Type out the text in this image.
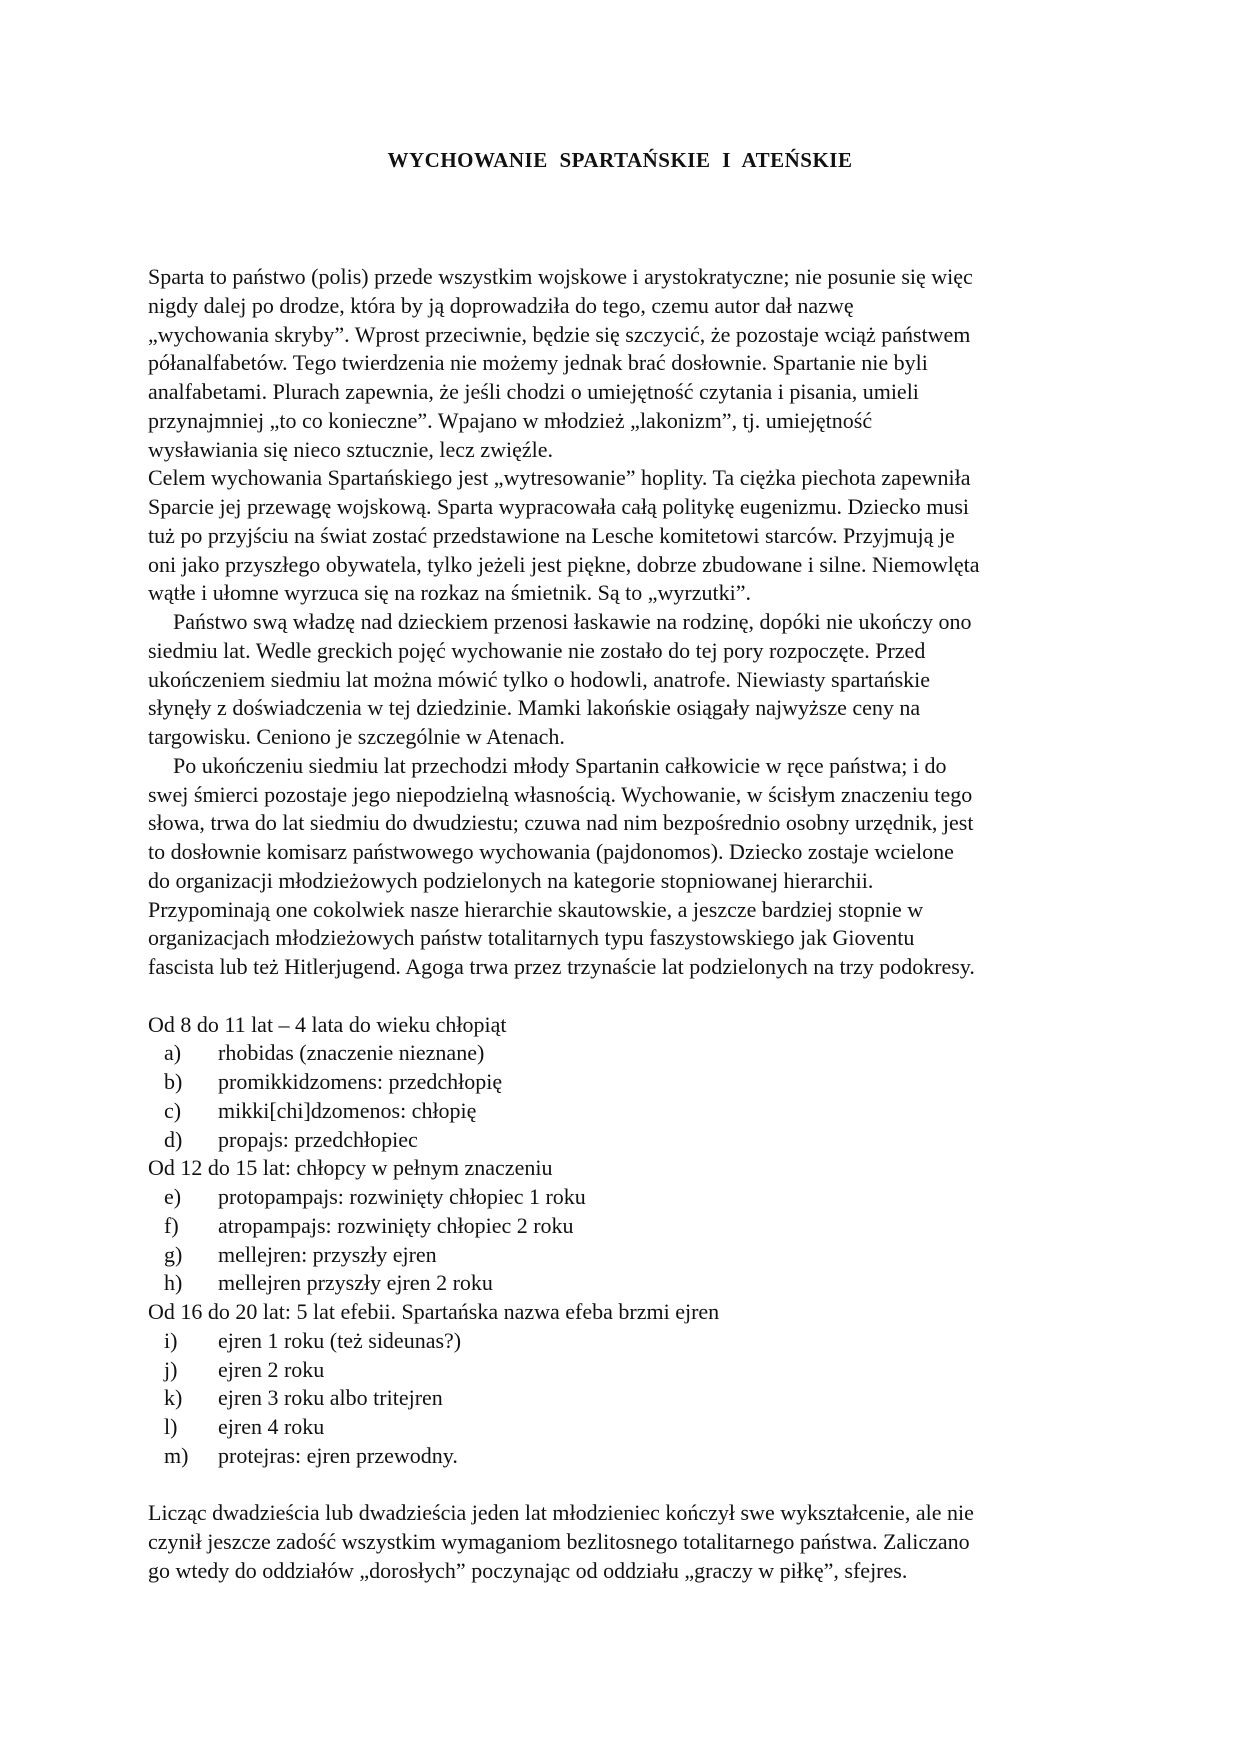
WYCHOWANIE SPARTAŃSKIE I ATEŃSKIE
Sparta to państwo (polis) przede wszystkim wojskowe i arystokratyczne; nie posunie się więc
nigdy dalej po drodze, która by ją doprowadziła do tego, czemu autor dał nazwę
„wychowania skryby”. Wprost przeciwnie, będzie się szczycić, że pozostaje wciąż państwem
półanalfabetów. Tego twierdzenia nie możemy jednak brać dosłownie. Spartanie nie byli
analfabetami. Plurach zapewnia, że jeśli chodzi o umiejętność czytania i pisania, umieli
przynajmniej „to co konieczne”. Wpajano w młodzież „lakonizm”, tj. umiejętność
wysławiania się nieco sztucznie, lecz zwięźle.
Celem wychowania Spartańskiego jest „wytresowanie” hoplity. Ta ciężka piechota zapewniła
Sparcie jej przewagę wojskową. Sparta wypracowała całą politykę eugenizmu. Dziecko musi
tuż po przyjściu na świat zostać przedstawione na Lesche komitetowi starców. Przyjmują je
oni jako przyszłego obywatela, tylko jeżeli jest piękne, dobrze zbudowane i silne. Niemowlęta
wątłe i ułomne wyrzuca się na rozkaz na śmietnik. Są to „wyrzutki”.
Państwo swą władzę nad dzieckiem przenosi łaskawie na rodzinę, dopóki nie ukończy ono
siedmiu lat. Wedle greckich pojęć wychowanie nie zostało do tej pory rozpoczęte. Przed
ukończeniem siedmiu lat można mówić tylko o hodowli, anatrofe. Niewiasty spartańskie
słynęły z doświadczenia w tej dziedzinie. Mamki lakońskie osiągały najwyższe ceny na
targowisku. Ceniono je szczególnie w Atenach.
Po ukończeniu siedmiu lat przechodzi młody Spartanin całkowicie w ręce państwa; i do
swej śmierci pozostaje jego niepodzielną własnością. Wychowanie, w ścisłym znaczeniu tego
słowa, trwa do lat siedmiu do dwudziestu; czuwa nad nim bezpośrednio osobny urzędnik, jest
to dosłownie komisarz państwowego wychowania (pajdonomos). Dziecko zostaje wcielone
do organizacji młodzieżowych podzielonych na kategorie stopniowanej hierarchii.
Przypominają one cokolwiek nasze hierarchie skautowskie, a jeszcze bardziej stopnie w
organizacjach młodzieżowych państw totalitarnych typu faszystowskiego jak Gioventu
fascista lub też Hitlerjugend. Agoga trwa przez trzynaście lat podzielonych na trzy podokresy.
Od 8 do 11 lat – 4 lata do wieku chłopiąt
a) rhobidas (znaczenie nieznane)
b) promikkidzomens: przedchłopię
c) mikki[chi]dzomenos: chłopię
d) propajs: przedchłopiec
Od 12 do 15 lat: chłopcy w pełnym znaczeniu
e) protopampajs: rozwinięty chłopiec 1 roku
f) atropampajs: rozwinięty chłopiec 2 roku
g) mellejren: przyszły ejren
h) mellejren przyszły ejren 2 roku
Od 16 do 20 lat: 5 lat efebii. Spartańska nazwa efeba brzmi ejren
i) ejren 1 roku (też sideunas?)
j) ejren 2 roku
k) ejren 3 roku albo tritejren
l) ejren 4 roku
m) protejras: ejren przewodny.
Licząc dwadzieścia lub dwadzieścia jeden lat młodzieniec kończył swe wykształcenie, ale nie
czynił jeszcze zadość wszystkim wymaganiom bezlitosnego totalitarnego państwa. Zaliczano
go wtedy do oddziałów „dorosłych” poczynając od oddziału „graczy w piłkę”, sfejres.
